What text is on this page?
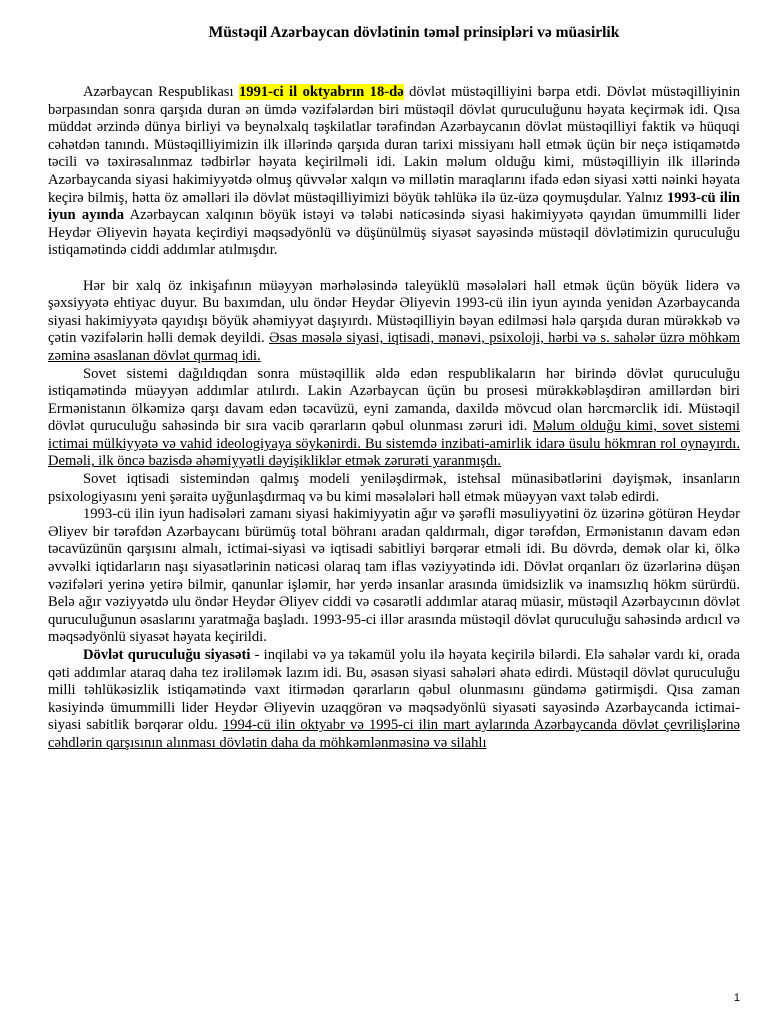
Müstəqil Azərbaycan dövlətinin təməl prinsipləri və müasirlik

Azərbaycan Respublikası 1991-ci il oktyabrın 18-də dövlət müstəqilliyini bərpa etdi. Dövlət müstəqilliyinin bərpasından sonra qarşıda duran ən ümdə vəzifələrdən biri müstəqil dövlət quruculuğunu həyata keçirmək idi. Qısa müddət ərzində dünya birliyi və beynəlxalq təşkilatlar tərəfindən Azərbaycanın dövlət müstəqilliyi faktik və hüquqi cəhətdən tanındı. Müstəqilliyimizin ilk illərində qarşıda duran tarixi missiyanı həll etmək üçün bir neçə istiqamətdə təcili və təxirəsalınmaz tədbirlər həyata keçirilməli idi. Lakin məlum olduğu kimi, müstəqilliyin ilk illərində Azərbaycanda siyasi hakimiyyətdə olmuş qüvvələr xalqın və millətin maraqlarını ifadə edən siyasi xətti nəinki həyata keçirə bilmiş, hətta öz əməlləri ilə dövlət müstəqilliyimizi böyük təhlükə ilə üz-üzə qoymuşdular. Yalnız 1993-cü ilin iyun ayında Azərbaycan xalqının böyük istəyi və tələbi nəticəsində siyasi hakimiyyətə qayıdan ümummilli lider Heydər Əliyevin həyata keçirdiyi məqsədyönlü və düşünülmüş siyasət sayəsində müstəqil dövlətimizin quruculuğu istiqamətində ciddi addımlar atılmışdır.

Hər bir xalq öz inkişafının müəyyən mərhələsində taleyüklü məsələləri həll etmək üçün böyük liderə və şəxsiyyətə ehtiyac duyur. Bu baxımdan, ulu öndər Heydər Əliyevin 1993-cü ilin iyun ayında yenidən Azərbaycanda siyasi hakimiyyətə qayıdışı böyük əhəmiyyət daşıyırdı. Müstəqilliyin bəyan edilməsi hələ qarşıda duran mürəkkəb və çətin vəzifələrin həlli demək deyildi. Əsas məsələ siyasi, iqtisadi, mənəvi, psixoloji, hərbi və s. sahələr üzrə möhkəm zəminə əsaslanan dövlət qurmaq idi.

Sovet sistemi dağıldıqdan sonra müstəqillik əldə edən respublikaların hər birində dövlət quruculuğu istiqamətində müəyyən addımlar atılırdı. Lakin Azərbaycan üçün bu prosesi mürəkkəbləşdirən amillərdən biri Ermənistanın ölkəmizə qarşı davam edən təcavüzü, eyni zamanda, daxildə mövcud olan hərcmərclik idi. Müstəqil dövlət quruculuğu sahəsində bir sıra vacib qərarların qəbul olunması zəruri idi. Məlum olduğu kimi, sovet sistemi ictimai mülkiyyətə və vahid ideologiyaya söykənirdi. Bu sistemdə inzibati-amirlik idarə üsulu hökmran rol oynayırdı. Deməli, ilk öncə bazisdə əhəmiyyətli dəyişikliklər etmək zərurəti yaranmışdı.

Sovet iqtisadi sistemindən qalmış modeli yeniləşdirmək, istehsal münasibətlərini dəyişmək, insanların psixologiyasını yeni şəraitə uyğunlaşdırmaq və bu kimi məsələləri həll etmək müəyyən vaxt tələb edirdi.

1993-cü ilin iyun hadisələri zamanı siyasi hakimiyyətin ağır və şərəfli məsuliyyətini öz üzərinə götürən Heydər Əliyev bir tərəfdən Azərbaycanı bürümüş total böhranı aradan qaldırmalı, digər tərəfdən, Ermənistanın davam edən təcavüzünün qarşısını almalı, ictimai-siyasi və iqtisadi sabitliyi bərqərar etməli idi. Bu dövrdə, demək olar ki, ölkə əvvəlki iqtidarların naşı siyasətlərinin nəticəsi olaraq tam iflas vəziyyətində idi. Dövlət orqanları öz üzərlərinə düşən vəzifələri yerinə yetirə bilmir, qanunlar işləmir, hər yerdə insanlar arasında ümidsizlik və inamsızlıq hökm sürürdü. Belə ağır vəziyyətdə ulu öndər Heydər Əliyev ciddi və cəsarətli addımlar ataraq müasir, müstəqil Azərbaycının dövlət quruculuğunun əsaslarını yaratmağa başladı. 1993-95-ci illər arasında müstəqil dövlət quruculuğu sahəsində ardıcıl və məqsədyönlü siyasət həyata keçirildi.

Dövlət quruculuğu siyasəti - inqilabi və ya təkamül yolu ilə həyata keçirilə bilərdi. Elə sahələr vardı ki, orada qəti addımlar ataraq daha tez irəliləmək lazım idi. Bu, əsasən siyasi sahələri əhatə edirdi. Müstəqil dövlət quruculuğu milli təhlükəsizlik istiqamətində vaxt itirmədən qərarların qəbul olunmasını gündəmə gətirmişdi. Qısa zaman kəsiyində ümummilli lider Heydər Əliyevin uzaqgörən və məqsədyönlü siyasəti sayəsində Azərbaycanda ictimai-siyasi sabitlik bərqərar oldu. 1994-cü ilin oktyabr və 1995-ci ilin mart aylarında Azərbaycanda dövlət çevrilişlərinə cəhdlərin qarşısının alınması dövlətin daha da möhkəmlənməsinə və silahlı

1
